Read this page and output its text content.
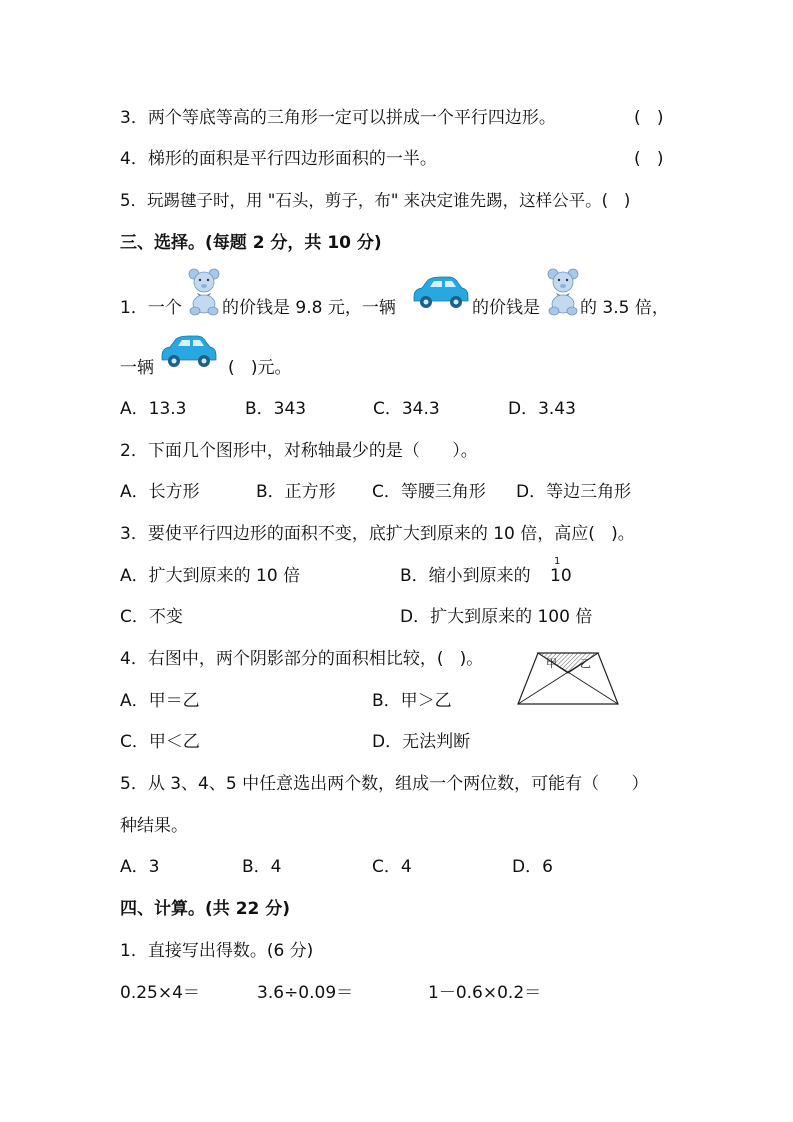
3．两个等底等高的三角形一定可以拼成一个平行四边形。	(   )
4．梯形的面积是平行四边形面积的一半。	(   )
5．玩踢毽子时，用 "石头，剪子，布" 来决定谁先踢，这样公平。(   )
三、选择。(每题 2 分，共 10 分)
1．一个 的价钱是 9.8 元，一辆	的价钱是 的 3.5 倍，
一辆	(   )元。
A．13.3	B．343	C．34.3	D．3.43
2．下面几个图形中，对称轴最少的是（      ）。
A．长方形	B．正方形 C．等腰三角形 D．等边三角形
3．要使平行四边形的面积不变，底扩大到原来的 10 倍，高应(   )。
A．扩大到原来的 10 倍	B．缩小到原来的
1
10
C．不变	D．扩大到原来的 100 倍
4．右图中，两个阴影部分的面积相比较，(   )。	甲 乙
A．甲＝乙	B．甲＞乙
C．甲＜乙	D．无法判断
5．从 3、4、5 中任意选出两个数，组成一个两位数，可能有（      ）
种结果。
A．3	B．4	C．4	D．6
四、计算。(共 22 分)
1．直接写出得数。(6 分)
0.25×4＝	3.6÷0.09＝	1－0.6×0.2＝
